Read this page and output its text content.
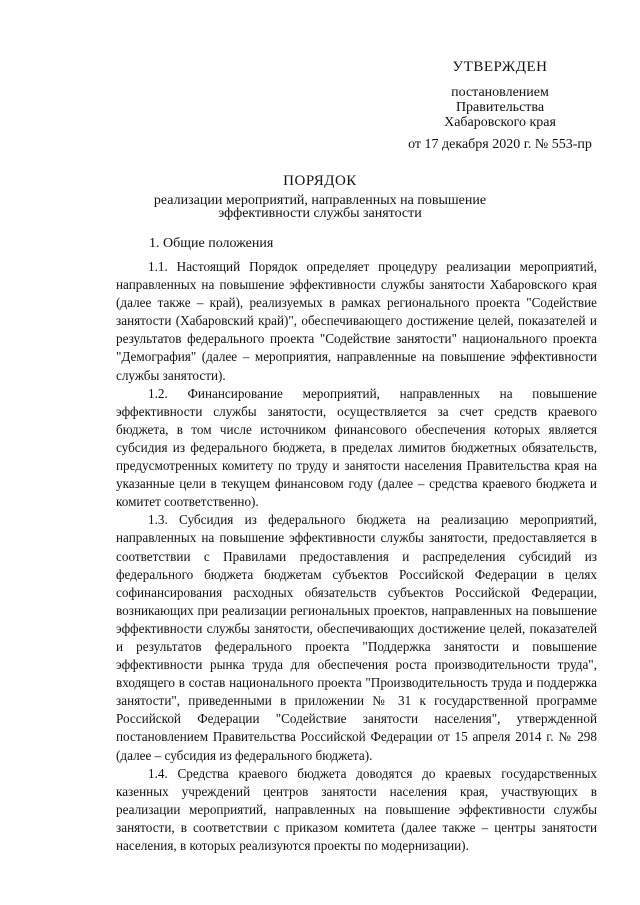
УТВЕРЖДЕН
постановлением
Правительства
Хабаровского края
от 17 декабря 2020 г. № 553-пр
ПОРЯДОК
реализации мероприятий, направленных на повышение
эффективности службы занятости
1. Общие положения

1.1. Настоящий Порядок определяет процедуру реализации мероприятий, направленных на повышение эффективности службы занятости Хабаровского края (далее также – край), реализуемых в рамках регионального проекта "Содействие занятости (Хабаровский край)", обеспечивающего достижение целей, показателей и результатов федерального проекта "Содействие занятости" национального проекта "Демография" (далее – мероприятия, направленные на повышение эффективности службы занятости).

1.2. Финансирование мероприятий, направленных на повышение эффективности службы занятости, осуществляется за счет средств краевого бюджета, в том числе источником финансового обеспечения которых является субсидия из федерального бюджета, в пределах лимитов бюджетных обязательств, предусмотренных комитету по труду и занятости населения Правительства края на указанные цели в текущем финансовом году (далее – средства краевого бюджета и комитет соответственно).

1.3. Субсидия из федерального бюджета на реализацию мероприятий, направленных на повышение эффективности службы занятости, предоставляется в соответствии с Правилами предоставления и распределения субсидий из федерального бюджета бюджетам субъектов Российской Федерации в целях софинансирования расходных обязательств субъектов Российской Федерации, возникающих при реализации региональных проектов, направленных на повышение эффективности службы занятости, обеспечивающих достижение целей, показателей и результатов федерального проекта "Поддержка занятости и повышение эффективности рынка труда для обеспечения роста производительности труда", входящего в состав национального проекта "Производительность труда и поддержка занятости", приведенными в приложении № 31 к государственной программе Российской Федерации "Содействие занятости населения", утвержденной постановлением Правительства Российской Федерации от 15 апреля 2014 г. № 298 (далее – субсидия из федерального бюджета).

1.4. Средства краевого бюджета доводятся до краевых государственных казенных учреждений центров занятости населения края, участвующих в реализации мероприятий, направленных на повышение эффективности службы занятости, в соответствии с приказом комитета (далее также – центры занятости населения, в которых реализуются проекты по модернизации).
